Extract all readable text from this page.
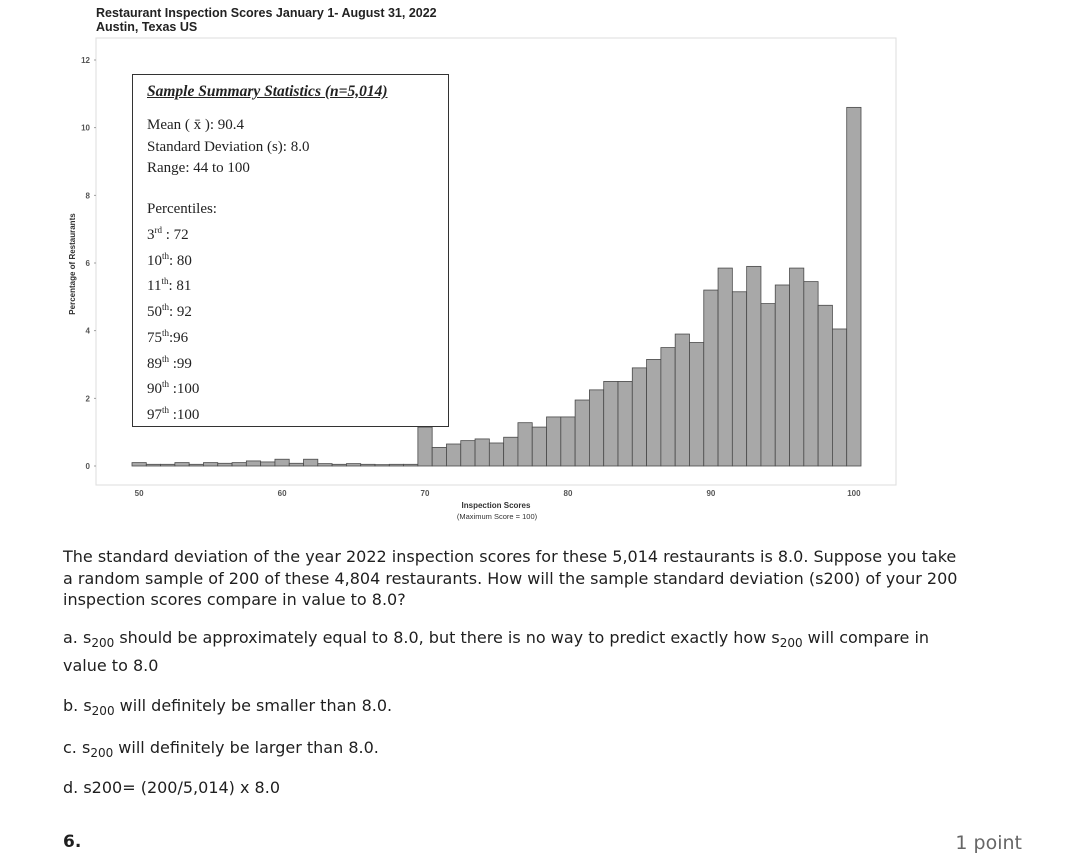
Restaurant Inspection Scores January 1- August 31, 2022
Austin, Texas US
0
2
4
6
8
10
12
50	60	70	80	90	100
Percentage of Restaurants
Inspection Scores
(Maximum Score = 100)
Sample Summary Statistics (n=5,014)
Mean ( x̄ ): 90.4
Standard Deviation (s): 8.0
Range: 44 to 100
Percentiles:
3rd : 72
10th: 80
11th: 81
50th: 92
75th:96
89th :99
90th :100
97th :100
The standard deviation of the year 2022 inspection scores for these 5,014 restaurants is 8.0. Suppose you take a random sample of 200 of these 4,804 restaurants. How will the sample standard deviation (s200) of your 200 inspection scores compare in value to 8.0?
a. $s_{200}$ should be approximately equal to 8.0, but there is no way to predict exactly how $s_{200}$ will compare in value to 8.0
b. $s_{200}$ will definitely be smaller than 8.0.
c. $s_{200}$ will definitely be larger than 8.0.
d. s200= (200/5,014) x 8.0
6.	1 point
